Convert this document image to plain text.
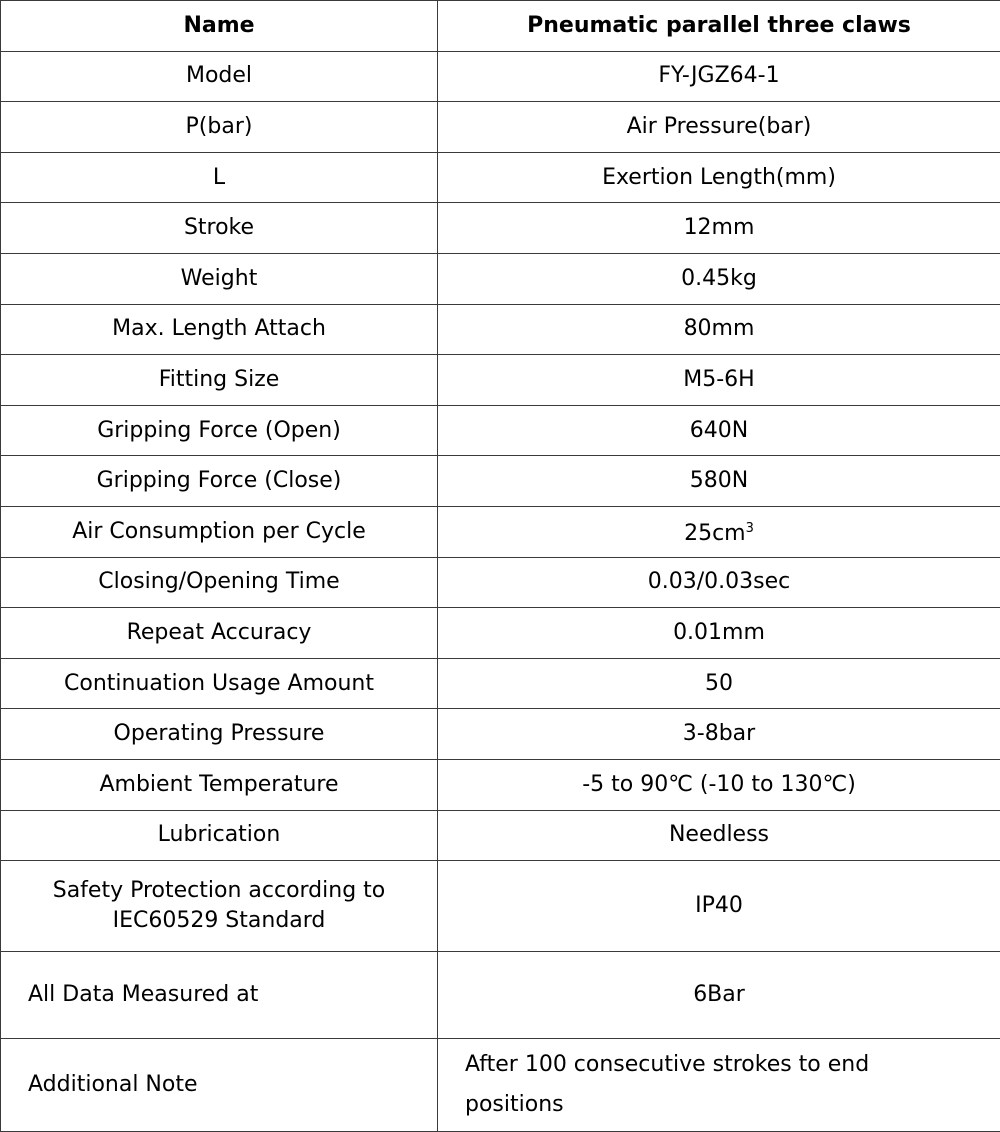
Name	Pneumatic parallel three claws
Model	FY-JGZ64-1
P(bar)	Air Pressure(bar)
L	Exertion Length(mm)
Stroke	12mm
Weight	0.45kg
Max. Length Attach	80mm
Fitting Size	M5-6H
Gripping Force (Open)	640N
Gripping Force (Close)	580N
Air Consumption per Cycle	$25cm^3$
Closing/Opening Time	0.03/0.03sec
Repeat Accuracy	0.01mm
Continuation Usage Amount	50
Operating Pressure	3-8bar
Ambient Temperature	-5 to 90℃ (-10 to 130℃)
Lubrication	Needless
Safety Protection according to
IEC60529 Standard	IP40
All Data Measured at	6Bar
Additional Note	After 100 consecutive strokes to end
positions
